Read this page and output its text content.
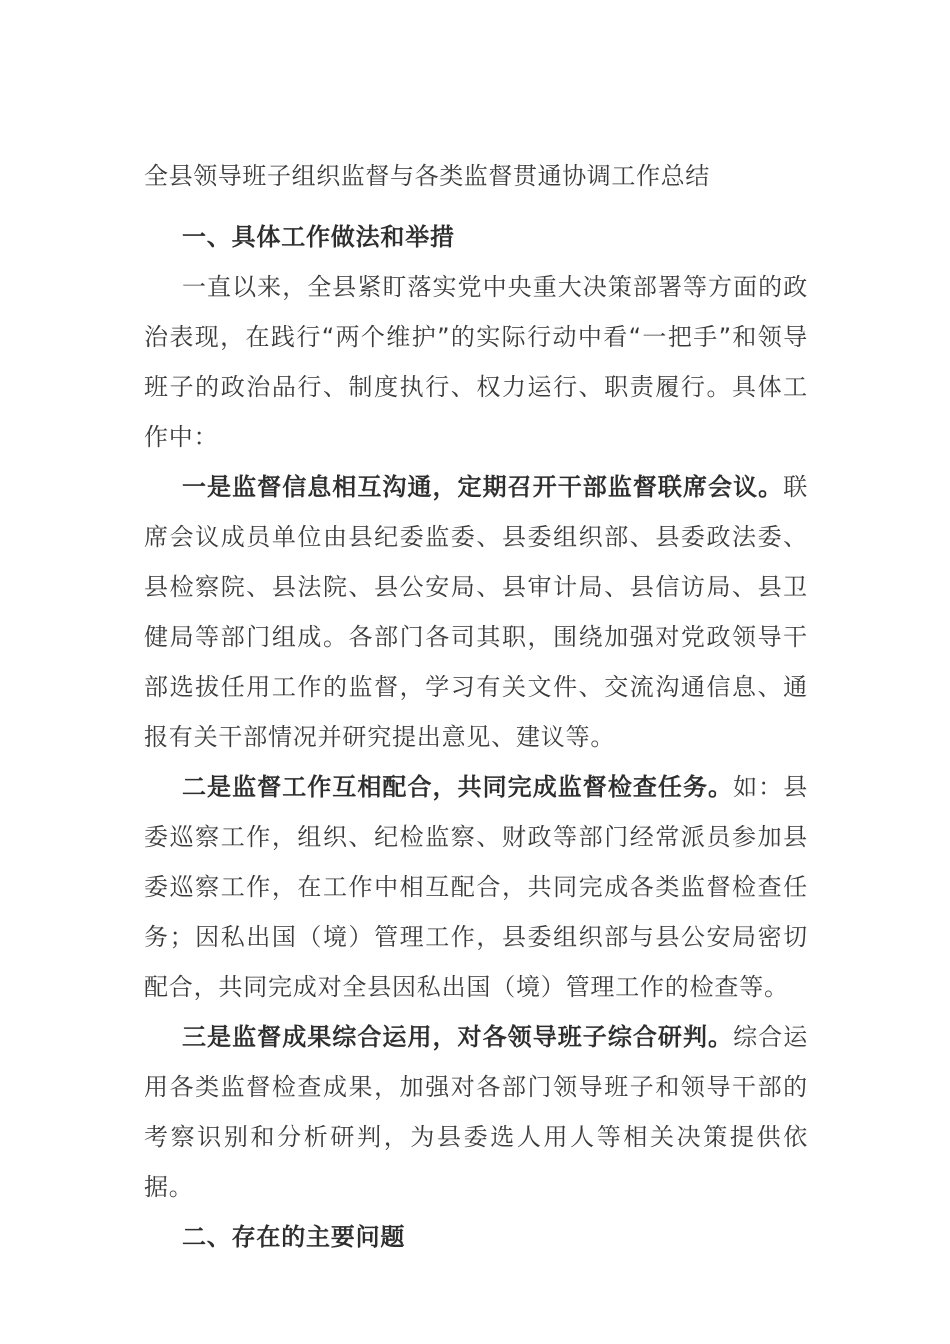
全县领导班子组织监督与各类监督贯通协调工作总结

一、具体工作做法和举措

一直以来，全县紧盯落实党中央重大决策部署等方面的政治表现，在践行“两个维护”的实际行动中看“一把手”和领导班子的政治品行、制度执行、权力运行、职责履行。具体工作中：

一是监督信息相互沟通，定期召开干部监督联席会议。联席会议成员单位由县纪委监委、县委组织部、县委政法委、县检察院、县法院、县公安局、县审计局、县信访局、县卫健局等部门组成。各部门各司其职，围绕加强对党政领导干部选拔任用工作的监督，学习有关文件、交流沟通信息、通报有关干部情况并研究提出意见、建议等。

二是监督工作互相配合，共同完成监督检查任务。如：县委巡察工作，组织、纪检监察、财政等部门经常派员参加县委巡察工作，在工作中相互配合，共同完成各类监督检查任务；因私出国（境）管理工作，县委组织部与县公安局密切配合，共同完成对全县因私出国（境）管理工作的检查等。

三是监督成果综合运用，对各领导班子综合研判。综合运用各类监督检查成果，加强对各部门领导班子和领导干部的考察识别和分析研判，为县委选人用人等相关决策提供依据。

二、存在的主要问题
